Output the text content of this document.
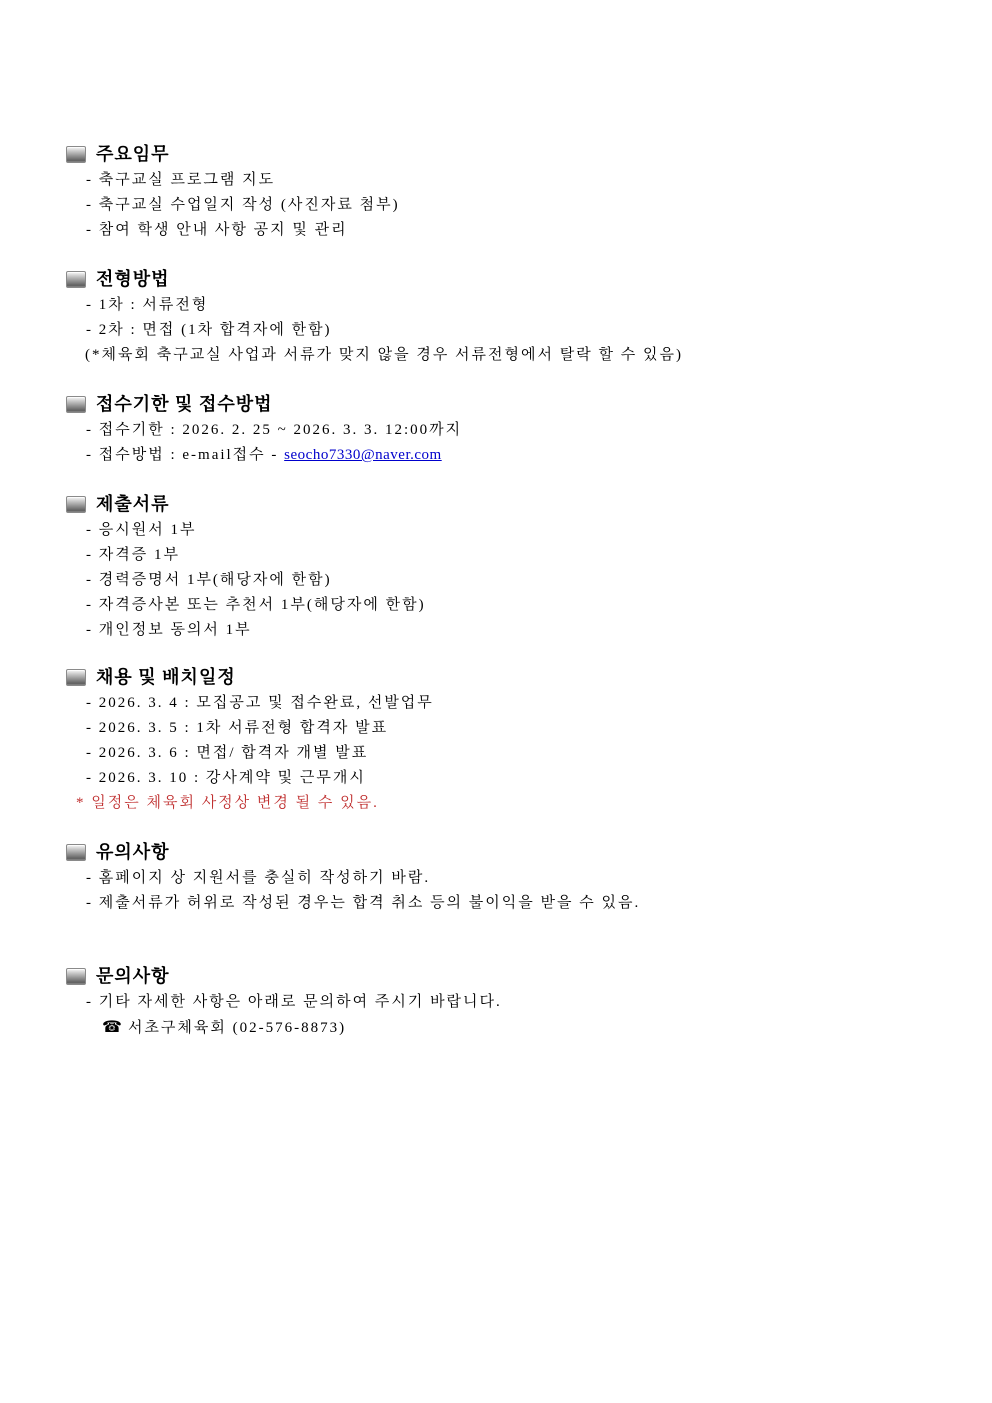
주요임무
- 축구교실 프로그램 지도
- 축구교실 수업일지 작성 (사진자료 첨부)
- 참여 학생 안내 사항 공지 및 관리
전형방법
- 1차 : 서류전형
- 2차 : 면접 (1차 합격자에 한함)
(*체육회 축구교실 사업과 서류가 맞지 않을 경우 서류전형에서 탈락 할 수 있음)
접수기한 및 접수방법
- 접수기한 : 2026. 2. 25 ~ 2026. 3. 3. 12:00까지
- 접수방법 : e-mail접수 - seocho7330@naver.com
제출서류
- 응시원서 1부
- 자격증 1부
- 경력증명서 1부(해당자에 한함)
- 자격증사본 또는 추천서 1부(해당자에 한함)
- 개인정보 동의서 1부
채용 및 배치일정
- 2026. 3. 4 : 모집공고 및 접수완료, 선발업무
- 2026. 3. 5 : 1차 서류전형 합격자 발표
- 2026. 3. 6 : 면접/ 합격자 개별 발표
- 2026. 3. 10 : 강사계약 및 근무개시
* 일정은 체육회 사정상 변경 될 수 있음.
유의사항
- 홈페이지 상 지원서를 충실히 작성하기 바람.
- 제출서류가 허위로 작성된 경우는 합격 취소 등의 불이익을 받을 수 있음.
문의사항
- 기타 자세한 사항은 아래로 문의하여 주시기 바랍니다.
☎ 서초구체육회 (02-576-8873)
